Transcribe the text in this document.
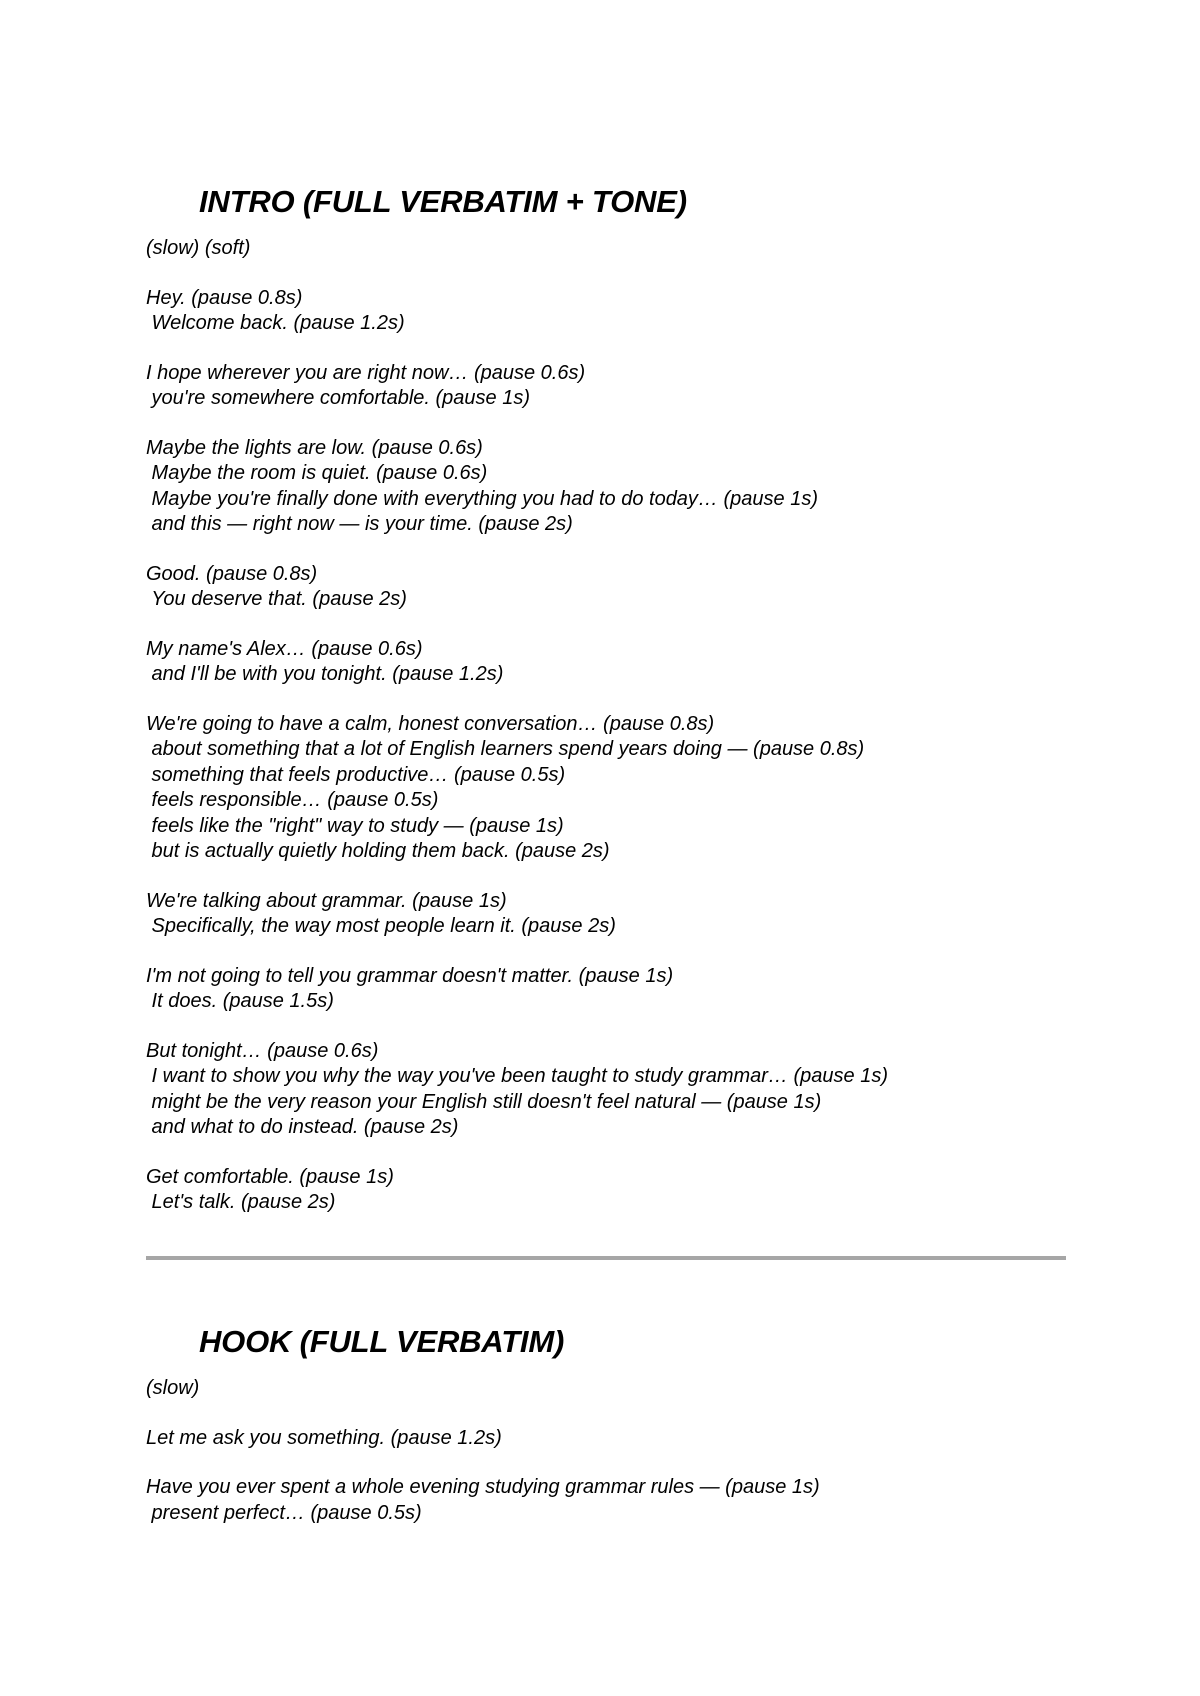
INTRO (FULL VERBATIM + TONE)
(slow) (soft)

Hey. (pause 0.8s)
Welcome back. (pause 1.2s)

I hope wherever you are right now… (pause 0.6s)
you're somewhere comfortable. (pause 1s)

Maybe the lights are low. (pause 0.6s)
Maybe the room is quiet. (pause 0.6s)
Maybe you're finally done with everything you had to do today… (pause 1s)
and this — right now — is your time. (pause 2s)

Good. (pause 0.8s)
You deserve that. (pause 2s)

My name's Alex… (pause 0.6s)
and I'll be with you tonight. (pause 1.2s)

We're going to have a calm, honest conversation… (pause 0.8s)
about something that a lot of English learners spend years doing — (pause 0.8s)
something that feels productive… (pause 0.5s)
feels responsible… (pause 0.5s)
feels like the "right" way to study — (pause 1s)
but is actually quietly holding them back. (pause 2s)

We're talking about grammar. (pause 1s)
Specifically, the way most people learn it. (pause 2s)

I'm not going to tell you grammar doesn't matter. (pause 1s)
It does. (pause 1.5s)

But tonight… (pause 0.6s)
I want to show you why the way you've been taught to study grammar… (pause 1s)
might be the very reason your English still doesn't feel natural — (pause 1s)
and what to do instead. (pause 2s)

Get comfortable. (pause 1s)
Let's talk. (pause 2s)

HOOK (FULL VERBATIM)
(slow)

Let me ask you something. (pause 1.2s)

Have you ever spent a whole evening studying grammar rules — (pause 1s)
present perfect… (pause 0.5s)
